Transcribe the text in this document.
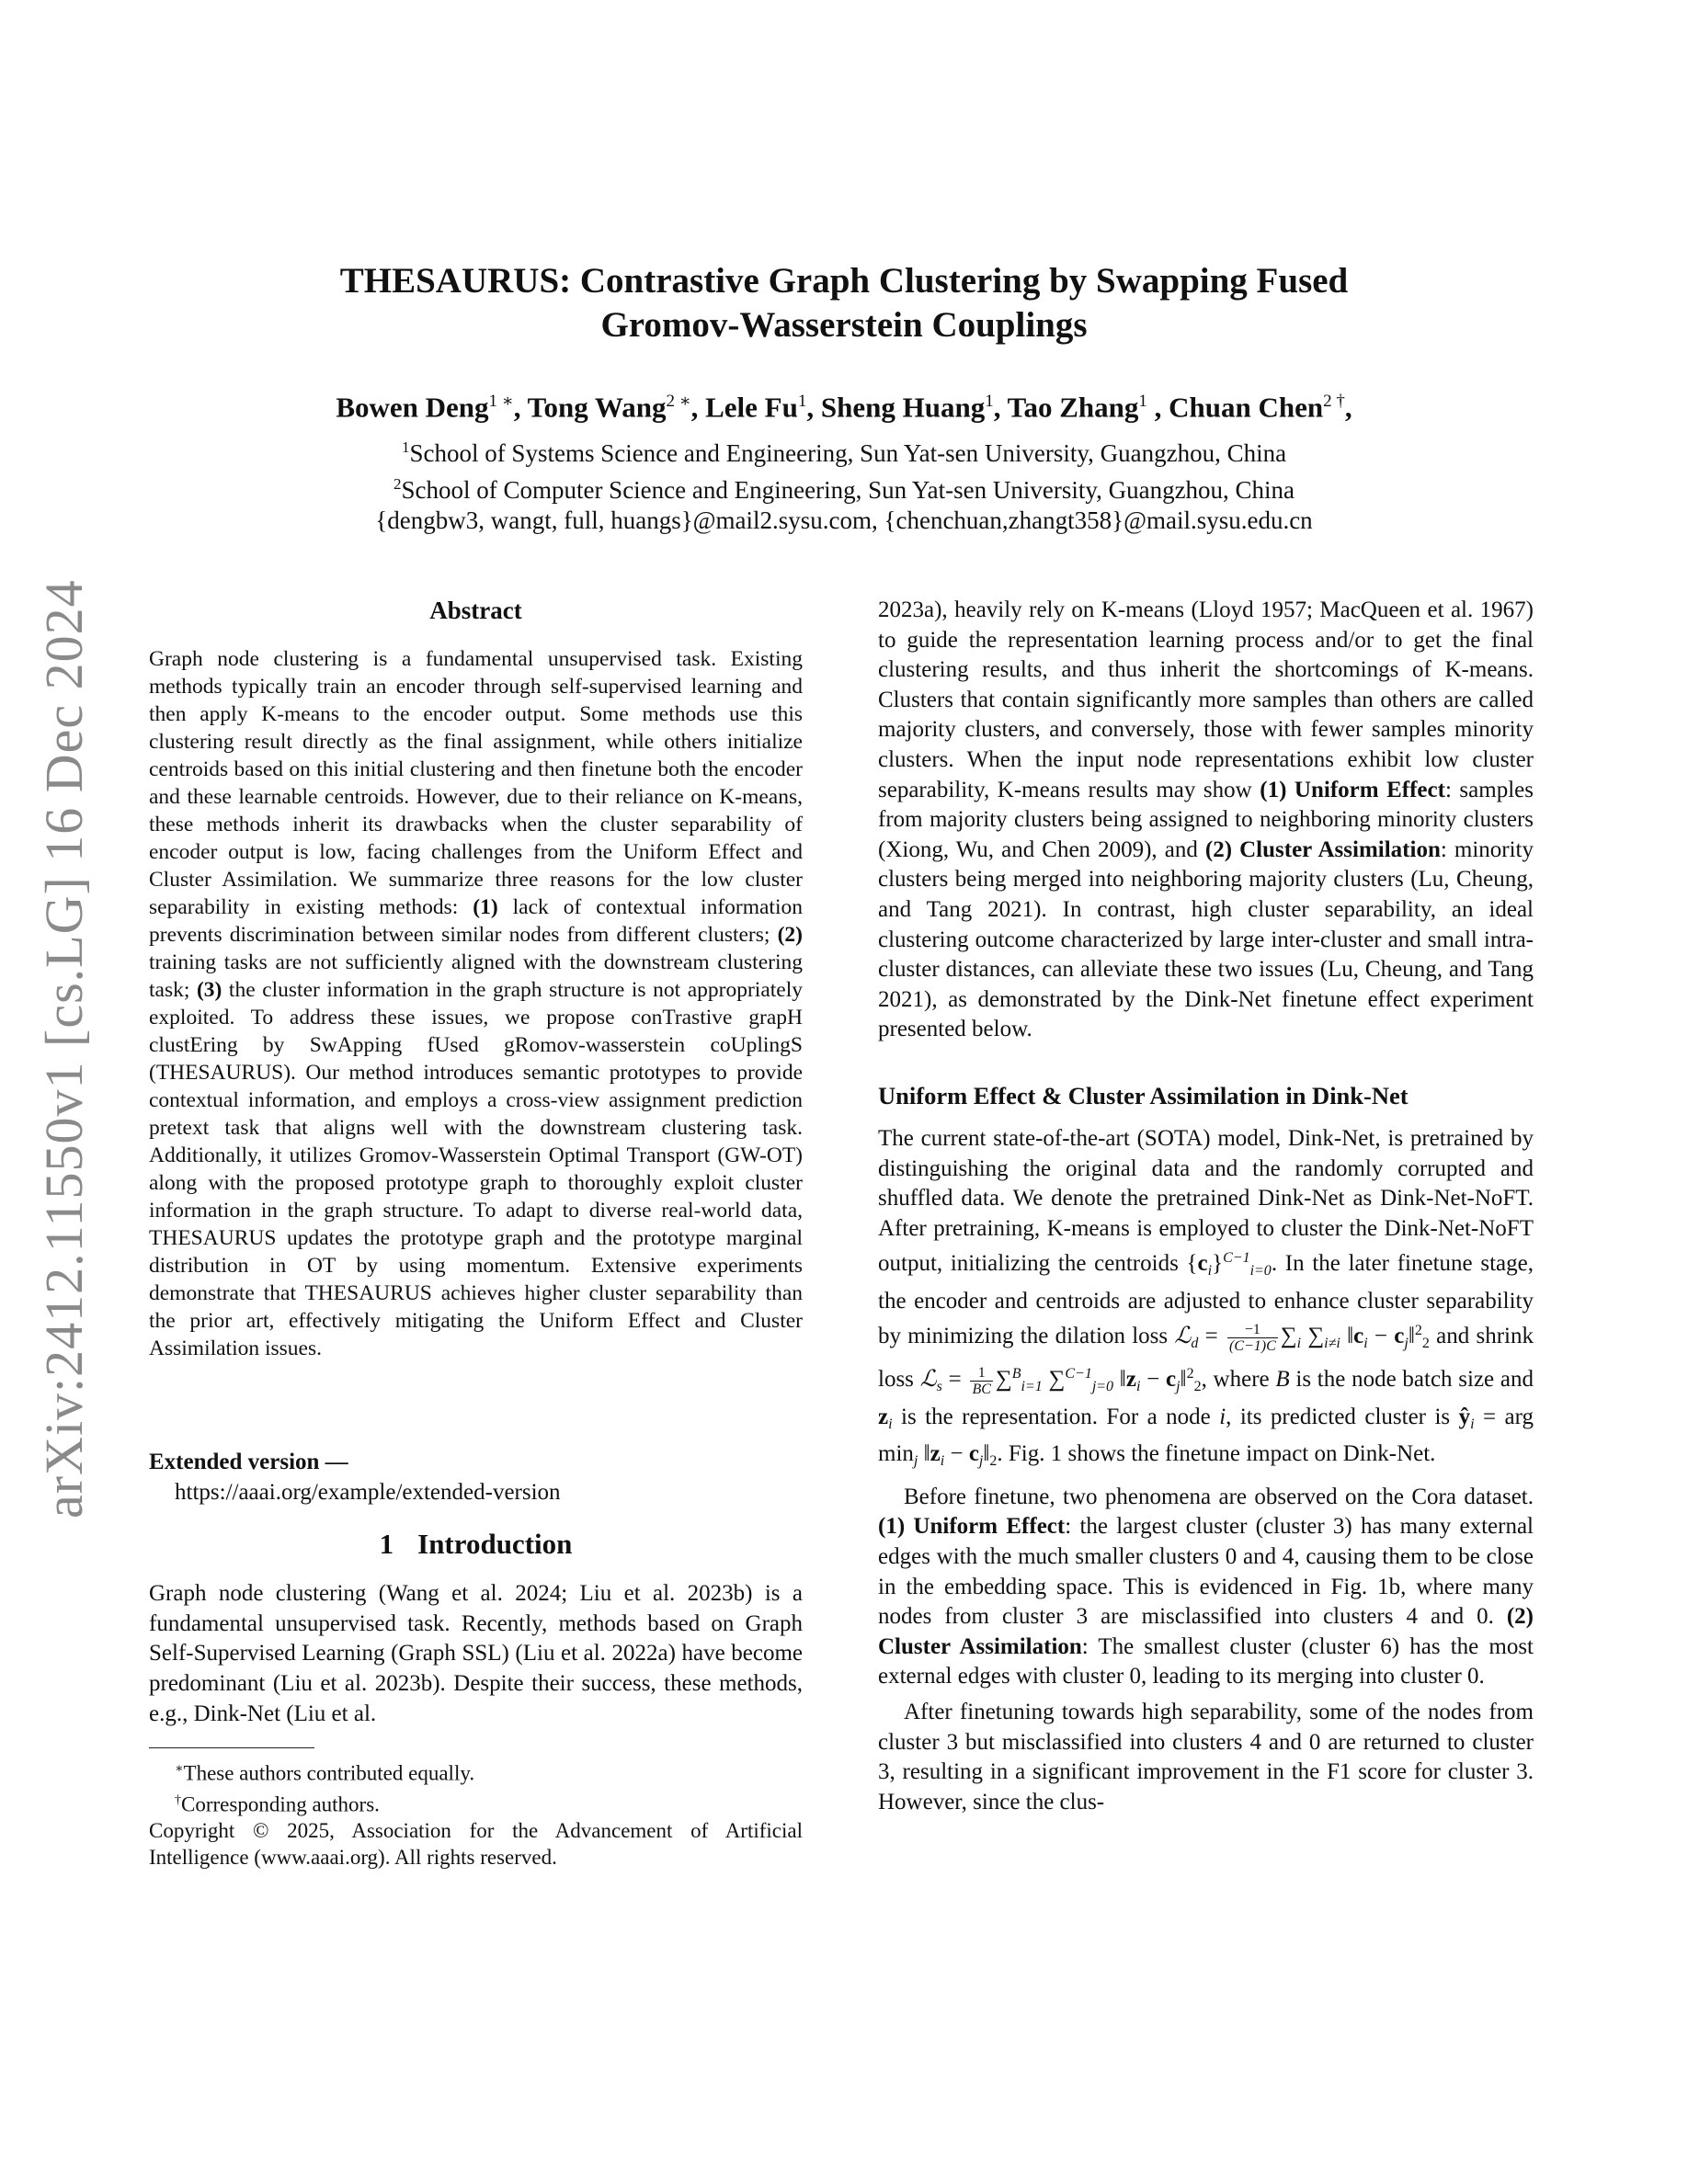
arXiv:2412.11550v1 [cs.LG] 16 Dec 2024
THESAURUS: Contrastive Graph Clustering by Swapping Fused
Gromov-Wasserstein Couplings
Bowen Deng$^{1 ∗}$, Tong Wang$^{2 ∗}$, Lele Fu$^1$, Sheng Huang$^1$, Tao Zhang$^1$ , Chuan Chen$^{2 \dagger}$,
$^1$School of Systems Science and Engineering, Sun Yat-sen University, Guangzhou, China
$^2$School of Computer Science and Engineering, Sun Yat-sen University, Guangzhou, China
{dengbw3, wangt, full, huangs}@mail2.sysu.com, {chenchuan,zhangt358}@mail.sysu.edu.cn
Abstract
Graph node clustering is a fundamental unsupervised task. Existing methods typically train an encoder through self-supervised learning and then apply K-means to the encoder output. Some methods use this clustering result directly as the final assignment, while others initialize centroids based on this initial clustering and then finetune both the encoder and these learnable centroids. However, due to their reliance on K-means, these methods inherit its drawbacks when the cluster separability of encoder output is low, facing challenges from the Uniform Effect and Cluster Assimilation. We summarize three reasons for the low cluster separability in existing methods: (1) lack of contextual information prevents discrimination between similar nodes from different clusters; (2) training tasks are not sufficiently aligned with the downstream clustering task; (3) the cluster information in the graph structure is not appropriately exploited. To address these issues, we propose conTrastive grapH clustEring by SwApping fUsed gRomov-wasserstein coUplingS (THESAURUS). Our method introduces semantic prototypes to provide contextual information, and employs a cross-view assignment prediction pretext task that aligns well with the downstream clustering task. Additionally, it utilizes Gromov-Wasserstein Optimal Transport (GW-OT) along with the proposed prototype graph to thoroughly exploit cluster information in the graph structure. To adapt to diverse real-world data, THESAURUS updates the prototype graph and the prototype marginal distribution in OT by using momentum. Extensive experiments demonstrate that THESAURUS achieves higher cluster separability than the prior art, effectively mitigating the Uniform Effect and Cluster Assimilation issues.
Extended version —
https://aaai.org/example/extended-version
1 Introduction
Graph node clustering (Wang et al. 2024; Liu et al. 2023b) is a fundamental unsupervised task. Recently, methods based on Graph Self-Supervised Learning (Graph SSL) (Liu et al. 2022a) have become predominant (Liu et al. 2023b). Despite their success, these methods, e.g., Dink-Net (Liu et al.
∗These authors contributed equally.
†Corresponding authors.
Copyright © 2025, Association for the Advancement of Artificial Intelligence (www.aaai.org). All rights reserved.
2023a), heavily rely on K-means (Lloyd 1957; MacQueen et al. 1967) to guide the representation learning process and/or to get the final clustering results, and thus inherit the shortcomings of K-means. Clusters that contain significantly more samples than others are called majority clusters, and conversely, those with fewer samples minority clusters. When the input node representations exhibit low cluster separability, K-means results may show (1) Uniform Effect: samples from majority clusters being assigned to neighboring minority clusters (Xiong, Wu, and Chen 2009), and (2) Cluster Assimilation: minority clusters being merged into neighboring majority clusters (Lu, Cheung, and Tang 2021). In contrast, high cluster separability, an ideal clustering outcome characterized by large inter-cluster and small intra-cluster distances, can alleviate these two issues (Lu, Cheung, and Tang 2021), as demonstrated by the Dink-Net finetune effect experiment presented below.
Uniform Effect & Cluster Assimilation in Dink-Net
The current state-of-the-art (SOTA) model, Dink-Net, is pretrained by distinguishing the original data and the randomly corrupted and shuffled data. We denote the pretrained Dink-Net as Dink-Net-NoFT. After pretraining, K-means is employed to cluster the Dink-Net-NoFT output, initializing the centroids $\{c_i\}^{C-1}_{i=0}$. In the later finetune stage, the encoder and centroids are adjusted to enhance cluster separability by minimizing the dilation loss ℒ$_d$ = $\frac{-1}{(C-1)C} \sum_i$ $\sum_{i\ne i}$ $‖c_i$ − $c_j‖^2_2$ and shrink loss ℒ$_s$ = $\frac{1}{BC} \sum^B_{i=1}$ ∑$^{C-1}_{j=0}$ $‖z_i$ − $c_j‖^2_2$, where B is the node batch size and $z_i$ is the representation. For a node i, its predicted cluster is $ŷ_i$ = arg $\min_j$ $‖z_i$ − $c_j‖_2$. Fig. 1 shows the finetune impact on Dink-Net.
Before finetune, two phenomena are observed on the Cora dataset. (1) Uniform Effect: the largest cluster (cluster 3) has many external edges with the much smaller clusters 0 and 4, causing them to be close in the embedding space. This is evidenced in Fig. 1b, where many nodes from cluster 3 are misclassified into clusters 4 and 0. (2) Cluster Assimilation: The smallest cluster (cluster 6) has the most external edges with cluster 0, leading to its merging into cluster 0.
After finetuning towards high separability, some of the nodes from cluster 3 but misclassified into clusters 4 and 0 are returned to cluster 3, resulting in a significant improvement in the F1 score for cluster 3. However, since the clus-
